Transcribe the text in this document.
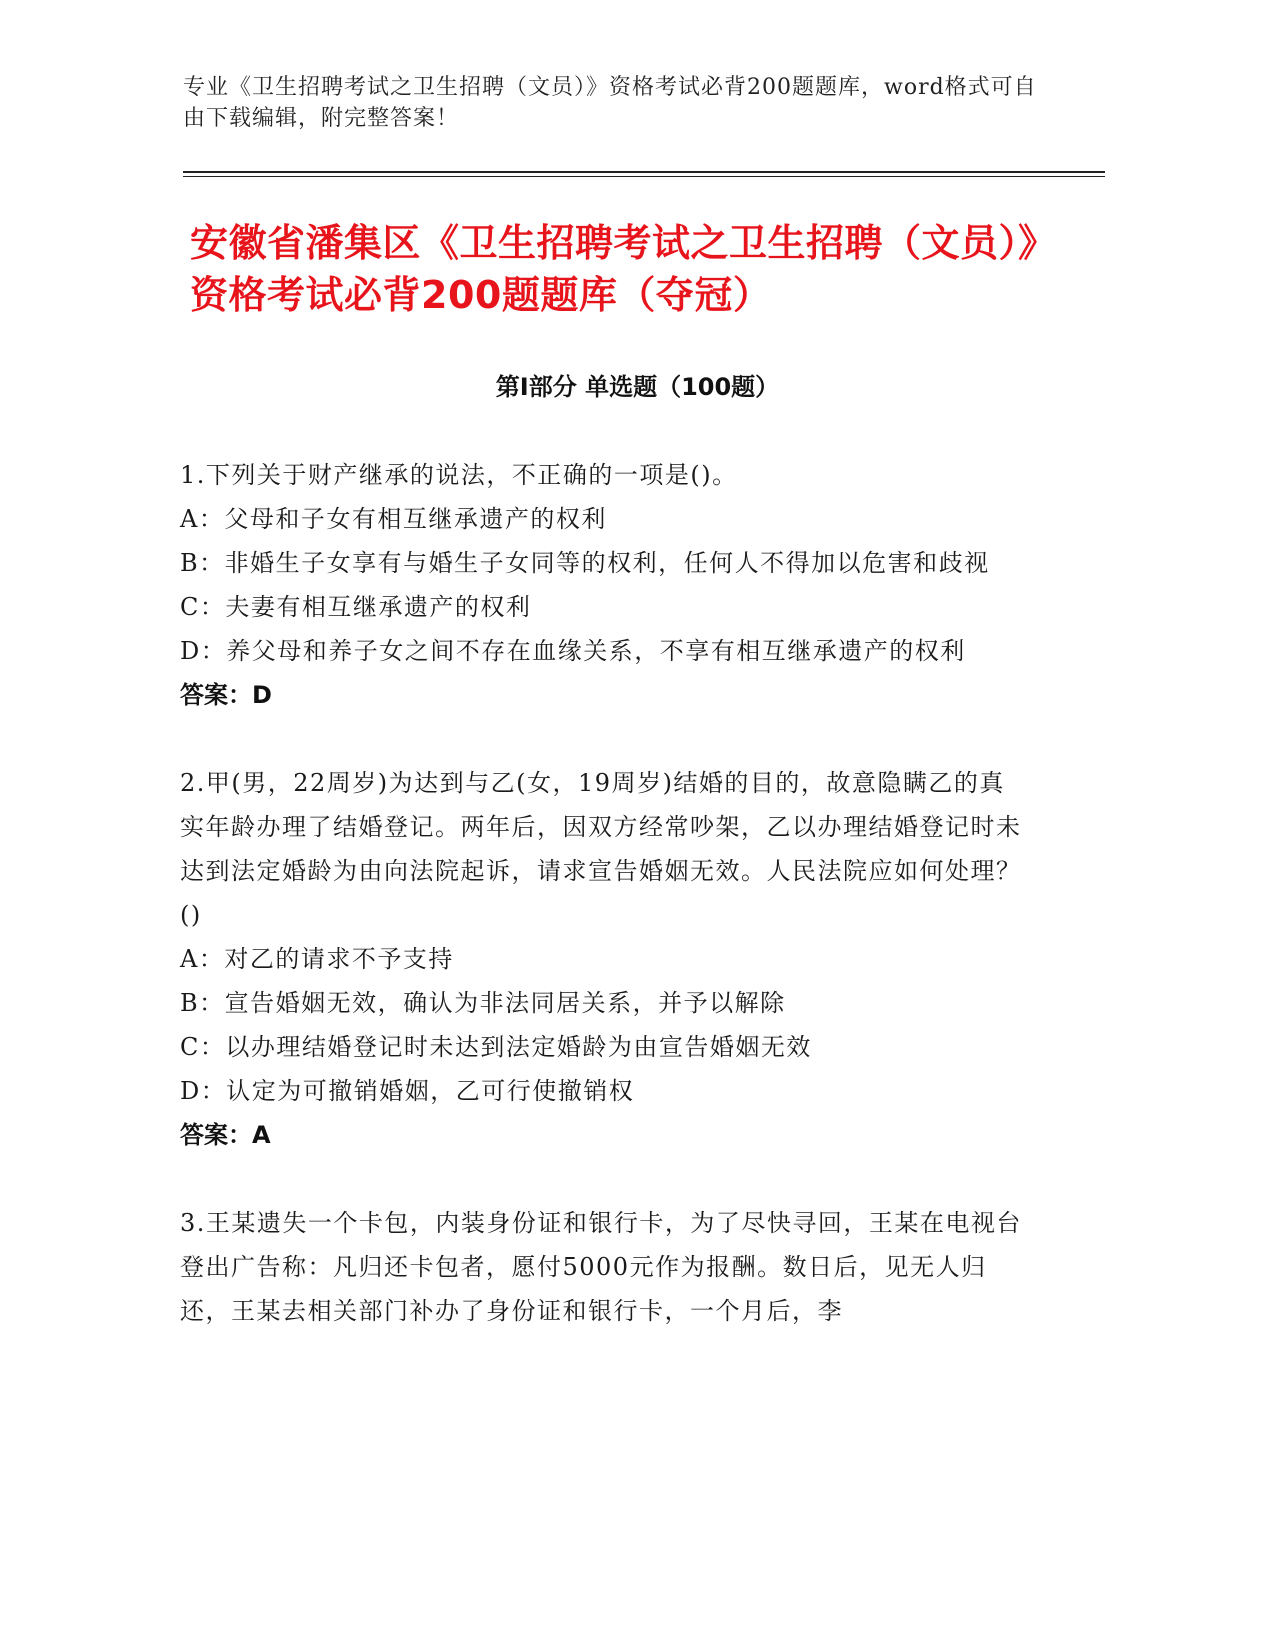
专业《卫生招聘考试之卫生招聘（文员）》资格考试必背200题题库，word格式可自由下载编辑，附完整答案！
安徽省潘集区《卫生招聘考试之卫生招聘（文员）》资格考试必背200题题库（夺冠）
第Ⅰ部分 单选题（100题）
1.下列关于财产继承的说法，不正确的一项是()。
A：父母和子女有相互继承遗产的权利
B：非婚生子女享有与婚生子女同等的权利，任何人不得加以危害和歧视
C：夫妻有相互继承遗产的权利
D：养父母和养子女之间不存在血缘关系，不享有相互继承遗产的权利
答案：D
2.甲(男，22周岁)为达到与乙(女，19周岁)结婚的目的，故意隐瞒乙的真实年龄办理了结婚登记。两年后，因双方经常吵架，乙以办理结婚登记时未达到法定婚龄为由向法院起诉，请求宣告婚姻无效。人民法院应如何处理？()
A：对乙的请求不予支持
B：宣告婚姻无效，确认为非法同居关系，并予以解除
C：以办理结婚登记时未达到法定婚龄为由宣告婚姻无效
D：认定为可撤销婚姻，乙可行使撤销权
答案：A
3.王某遗失一个卡包，内装身份证和银行卡，为了尽快寻回，王某在电视台登出广告称：凡归还卡包者，愿付5000元作为报酬。数日后，见无人归还，王某去相关部门补办了身份证和银行卡，一个月后，李
